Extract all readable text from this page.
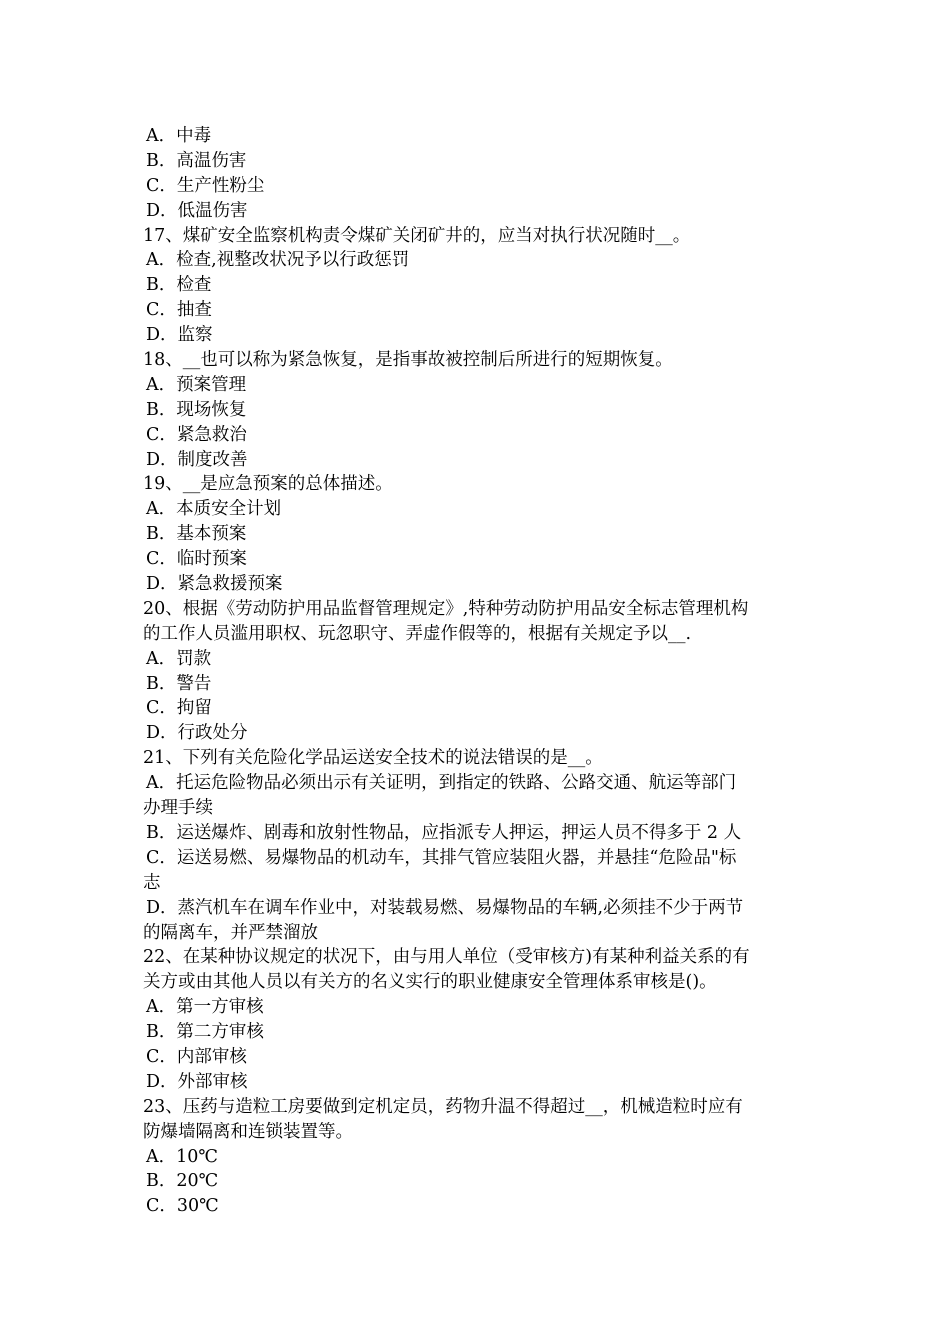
A．中毒
B．高温伤害
C．生产性粉尘
D．低温伤害
17、煤矿安全监察机构责令煤矿关闭矿井的，应当对执行状况随时__。
A．检查,视整改状况予以行政惩罚
B．检查
C．抽查
D．监察
18、__也可以称为紧急恢复，是指事故被控制后所进行的短期恢复。
A．预案管理
B．现场恢复
C．紧急救治
D．制度改善
19、__是应急预案的总体描述。
A．本质安全计划
B．基本预案
C．临时预案
D．紧急救援预案
20、根据《劳动防护用品监督管理规定》,特种劳动防护用品安全标志管理机构
的工作人员滥用职权、玩忽职守、弄虚作假等的，根据有关规定予以__.
A．罚款
B．警告
C．拘留
D．行政处分
21、下列有关危险化学品运送安全技术的说法错误的是__。
A．托运危险物品必须出示有关证明，到指定的铁路、公路交通、航运等部门
办理手续
B．运送爆炸、剧毒和放射性物品，应指派专人押运，押运人员不得多于 2 人
C．运送易燃、易爆物品的机动车，其排气管应装阻火器，并悬挂“危险品"标
志
D．蒸汽机车在调车作业中，对装载易燃、易爆物品的车辆,必须挂不少于两节
的隔离车，并严禁溜放
22、在某种协议规定的状况下，由与用人单位（受审核方)有某种利益关系的有
关方或由其他人员以有关方的名义实行的职业健康安全管理体系审核是()。
A．第一方审核
B．第二方审核
C．内部审核
D．外部审核
23、压药与造粒工房要做到定机定员，药物升温不得超过__，机械造粒时应有
防爆墙隔离和连锁装置等。
A．10℃
B．20℃
C．30℃
